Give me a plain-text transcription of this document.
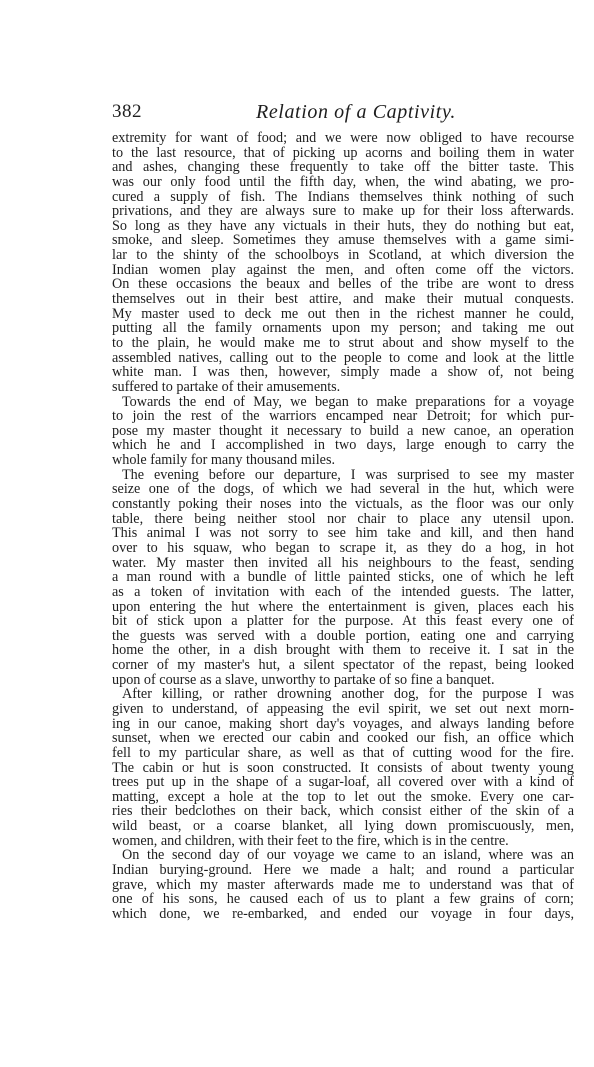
382	Relation of a Captivity.
extremity for want of food; and we were now obliged to have recourse
to the last resource, that of picking up acorns and boiling them in water
and ashes, changing these frequently to take off the bitter taste. This
was our only food until the fifth day, when, the wind abating, we pro-
cured a supply of fish. The Indians themselves think nothing of such
privations, and they are always sure to make up for their loss afterwards.
So long as they have any victuals in their huts, they do nothing but eat,
smoke, and sleep. Sometimes they amuse themselves with a game simi-
lar to the shinty of the schoolboys in Scotland, at which diversion the
Indian women play against the men, and often come off the victors.
On these occasions the beaux and belles of the tribe are wont to dress
themselves out in their best attire, and make their mutual conquests.
My master used to deck me out then in the richest manner he could,
putting all the family ornaments upon my person; and taking me out
to the plain, he would make me to strut about and show myself to the
assembled natives, calling out to the people to come and look at the little
white man. I was then, however, simply made a show of, not being
suffered to partake of their amusements.
Towards the end of May, we began to make preparations for a voyage
to join the rest of the warriors encamped near Detroit; for which pur-
pose my master thought it necessary to build a new canoe, an operation
which he and I accomplished in two days, large enough to carry the
whole family for many thousand miles.
The evening before our departure, I was surprised to see my master
seize one of the dogs, of which we had several in the hut, which were
constantly poking their noses into the victuals, as the floor was our only
table, there being neither stool nor chair to place any utensil upon.
This animal I was not sorry to see him take and kill, and then hand
over to his squaw, who began to scrape it, as they do a hog, in hot
water. My master then invited all his neighbours to the feast, sending
a man round with a bundle of little painted sticks, one of which he left
as a token of invitation with each of the intended guests. The latter,
upon entering the hut where the entertainment is given, places each his
bit of stick upon a platter for the purpose. At this feast every one of
the guests was served with a double portion, eating one and carrying
home the other, in a dish brought with them to receive it. I sat in the
corner of my master's hut, a silent spectator of the repast, being looked
upon of course as a slave, unworthy to partake of so fine a banquet.
After killing, or rather drowning another dog, for the purpose I was
given to understand, of appeasing the evil spirit, we set out next morn-
ing in our canoe, making short day's voyages, and always landing before
sunset, when we erected our cabin and cooked our fish, an office which
fell to my particular share, as well as that of cutting wood for the fire.
The cabin or hut is soon constructed. It consists of about twenty young
trees put up in the shape of a sugar-loaf, all covered over with a kind of
matting, except a hole at the top to let out the smoke. Every one car-
ries their bedclothes on their back, which consist either of the skin of a
wild beast, or a coarse blanket, all lying down promiscuously, men,
women, and children, with their feet to the fire, which is in the centre.
On the second day of our voyage we came to an island, where was an
Indian burying-ground. Here we made a halt; and round a particular
grave, which my master afterwards made me to understand was that of
one of his sons, he caused each of us to plant a few grains of corn;
which done, we re-embarked, and ended our voyage in four days,
